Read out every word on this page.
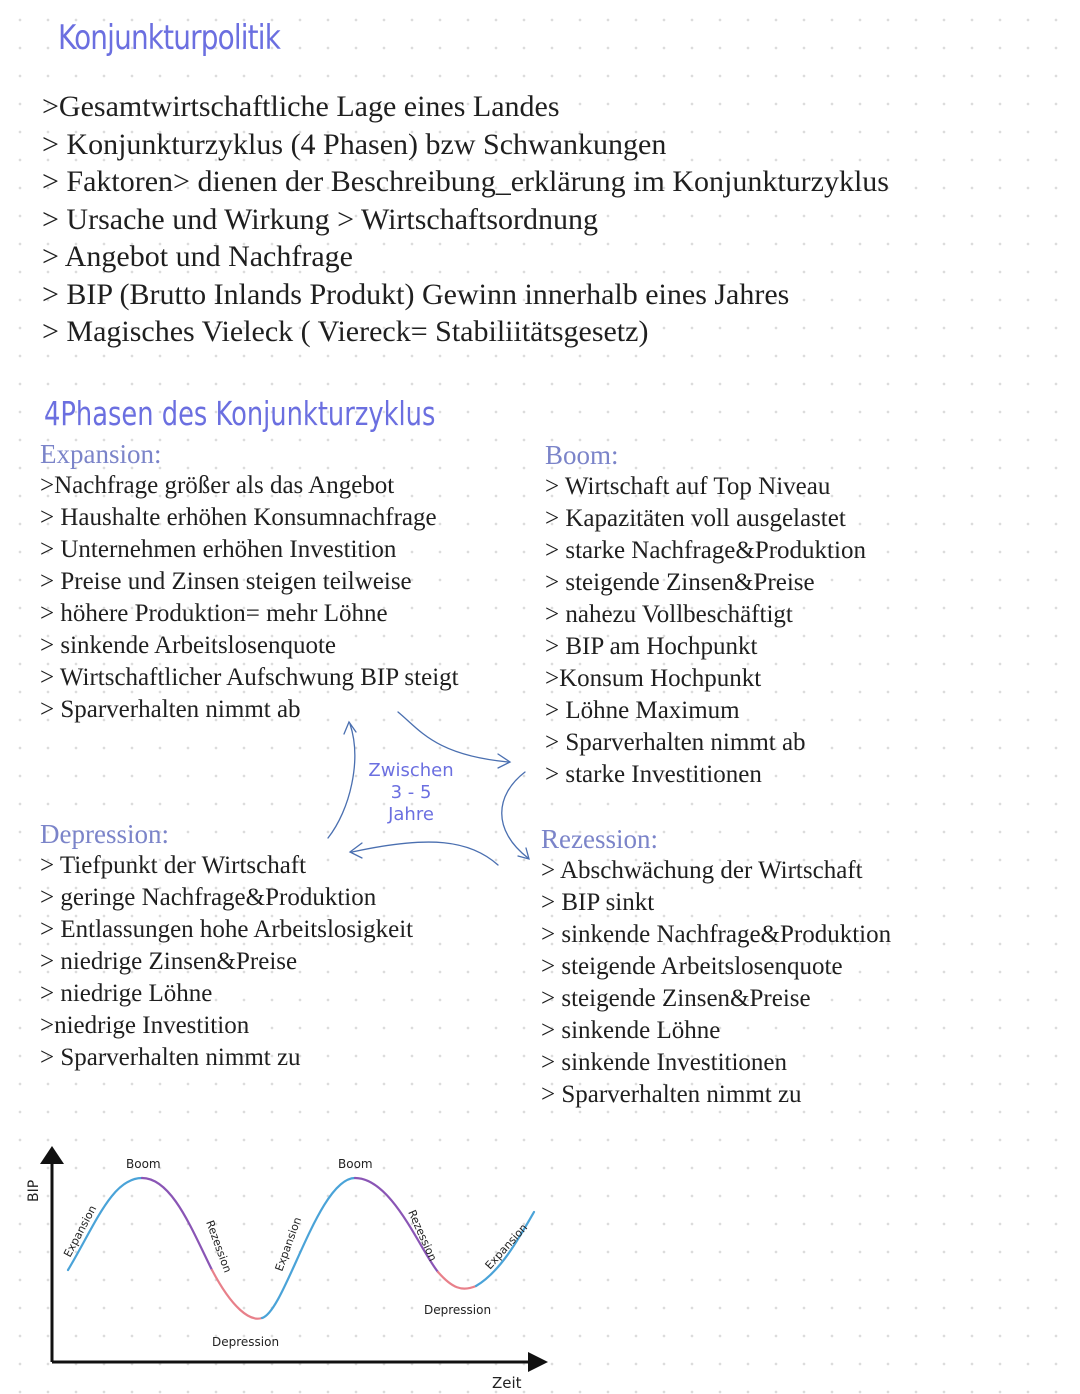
Konjunkturpolitik
>Gesamtwirtschaftliche Lage eines Landes
> Konjunkturzyklus (4 Phasen) bzw Schwankungen
> Faktoren> dienen der Beschreibung_erklärung im Konjunkturzyklus
> Ursache und Wirkung > Wirtschaftsordnung
> Angebot und Nachfrage
> BIP (Brutto Inlands Produkt) Gewinn innerhalb eines Jahres
> Magisches Vieleck ( Viereck= Stabiliitätsgesetz)
4Phasen des Konjunkturzyklus
Expansion:
>Nachfrage größer als das Angebot
> Haushalte erhöhen Konsumnachfrage
> Unternehmen erhöhen Investition
> Preise und Zinsen steigen teilweise
> höhere Produktion= mehr Löhne
> sinkende Arbeitslosenquote
> Wirtschaftlicher Aufschwung BIP steigt
> Sparverhalten nimmt ab
Boom:
> Wirtschaft auf Top Niveau
> Kapazitäten voll ausgelastet
> starke Nachfrage&Produktion
> steigende Zinsen&Preise
> nahezu Vollbeschäftigt
> BIP am Hochpunkt
>Konsum Hochpunkt
> Löhne Maximum
> Sparverhalten nimmt ab
> starke Investitionen
Depression:
> Tiefpunkt der Wirtschaft
> geringe Nachfrage&Produktion
> Entlassungen hohe Arbeitslosigkeit
> niedrige Zinsen&Preise
> niedrige Löhne
>niedrige Investition
> Sparverhalten nimmt zu
Rezession:
> Abschwächung der Wirtschaft
> BIP sinkt
> sinkende Nachfrage&Produktion
> steigende Arbeitslosenquote
> steigende Zinsen&Preise
> sinkende Löhne
> sinkende Investitionen
> Sparverhalten nimmt zu
Zwischen
3 - 5
Jahre
BIP
Zeit
Boom	Boom
Expansion	Rezession	Expansion	Rezession	Expansion
Depression
Depression
